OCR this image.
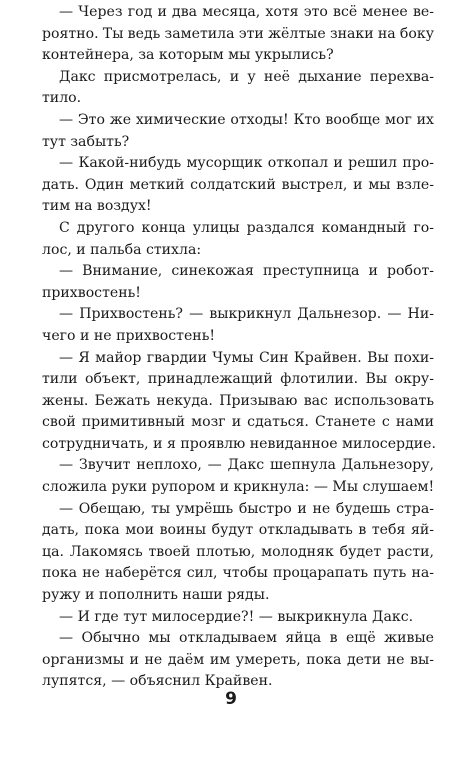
— Через год и два месяца, хотя это всё менее ве-
роятно. Ты ведь заметила эти жёлтые знаки на боку
контейнера, за которым мы укрылись?
Дакс присмотрелась, и у неё дыхание перехва-
тило.
— Это же химические отходы! Кто вообще мог их
тут забыть?
— Какой-нибудь мусорщик откопал и решил про-
дать. Один меткий солдатский выстрел, и мы взле-
тим на воздух!
С другого конца улицы раздался командный го-
лос, и пальба стихла:
— Внимание, синекожая преступница и робот-
прихвостень!
— Прихвостень? — выкрикнул Дальнезор. — Ни-
чего и не прихвостень!
— Я майор гвардии Чумы Син Крайвен. Вы похи-
тили объект, принадлежащий флотилии. Вы окру-
жены. Бежать некуда. Призываю вас использовать
свой примитивный мозг и сдаться. Станете с нами
сотрудничать, и я проявлю невиданное милосердие.
— Звучит неплохо, — Дакс шепнула Дальнезору,
сложила руки рупором и крикнула: — Мы слушаем!
— Обещаю, ты умрёшь быстро и не будешь стра-
дать, пока мои воины будут откладывать в тебя яй-
ца. Лакомясь твоей плотью, молодняк будет расти,
пока не наберётся сил, чтобы процарапать путь на-
ружу и пополнить наши ряды.
— И где тут милосердие?! — выкрикнула Дакс.
— Обычно мы откладываем яйца в ещё живые
организмы и не даём им умереть, пока дети не вы-
лупятся, — объяснил Крайвен.
9
